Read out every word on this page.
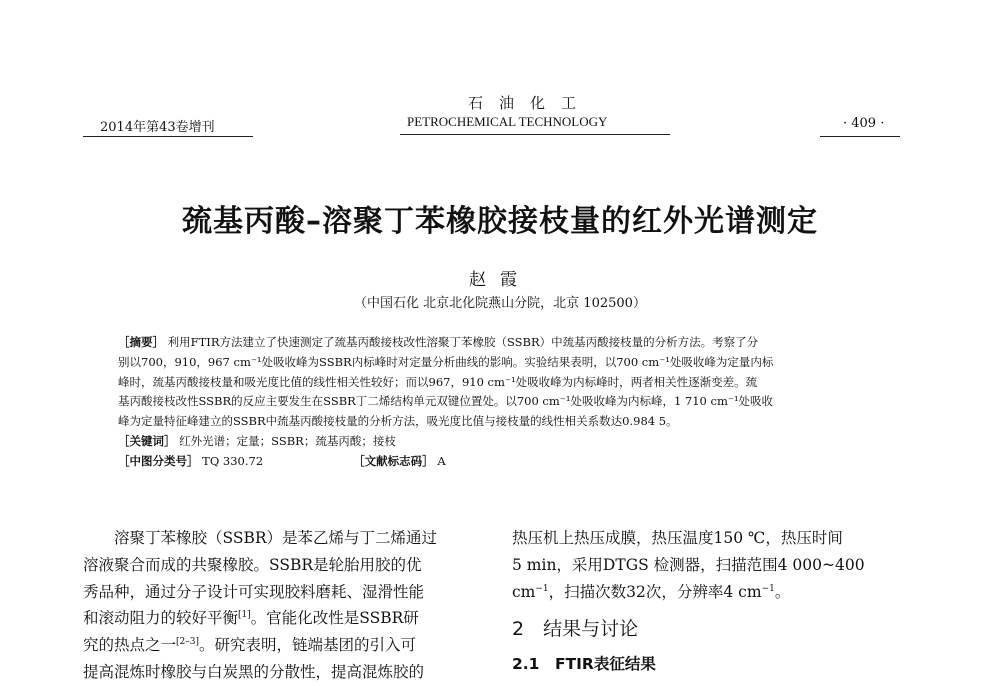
石油化工
2014年第43卷增刊	PETROCHEMICAL TECHNOLOGY	· 409 ·
巯基丙酸–溶聚丁苯橡胶接枝量的红外光谱测定
赵霞
（中国石化 北京北化院燕山分院，北京 102500）
［摘要］ 利用FTIR方法建立了快速测定了巯基丙酸接枝改性溶聚丁苯橡胶（SSBR）中巯基丙酸接枝量的分析方法。考察了分
别以700，910，967 cm⁻¹处吸收峰为SSBR内标峰时对定量分析曲线的影响。实验结果表明，以700 cm⁻¹处吸收峰为定量内标
峰时，巯基丙酸接枝量和吸光度比值的线性相关性较好；而以967，910 cm⁻¹处吸收峰为内标峰时，两者相关性逐渐变差。巯
基丙酸接枝改性SSBR的反应主要发生在SSBR丁二烯结构单元双键位置处。以700 cm⁻¹处吸收峰为内标峰，1 710 cm⁻¹处吸收
峰为定量特征峰建立的SSBR中巯基丙酸接枝量的分析方法，吸光度比值与接枝量的线性相关系数达0.984 5。
［关键词］ 红外光谱；定量；SSBR；巯基丙酸；接枝
［中图分类号］ TQ 330.72	［文献标志码］ A
溶聚丁苯橡胶（SSBR）是苯乙烯与丁二烯通过
溶液聚合而成的共聚橡胶。SSBR是轮胎用胶的优
秀品种，通过分子设计可实现胶料磨耗、湿滑性能
和滚动阻力的较好平衡[1]。官能化改性是SSBR研
究的热点之一[2–3]。研究表明，链端基团的引入可
提高混炼时橡胶与白炭黑的分散性，提高混炼胶的
热压机上热压成膜，热压温度150 ℃，热压时间
5 min，采用DTGS 检测器，扫描范围4 000~400
$cm^{-1}$，扫描次数32次，分辨率4 $cm^{-1}$。
2　结果与讨论
2.1　FTIR表征结果
